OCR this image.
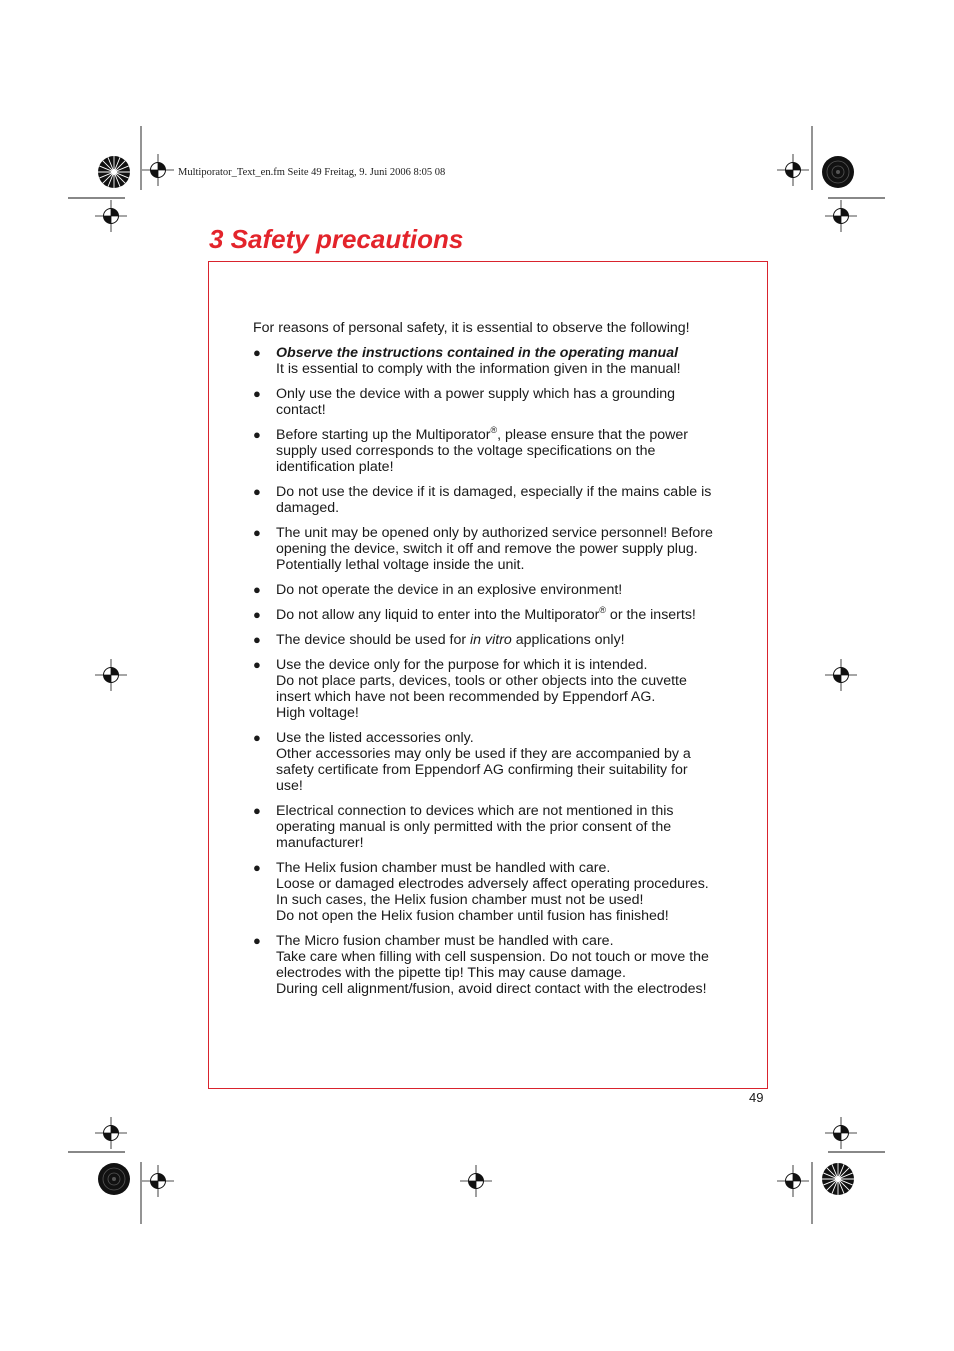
Multiporator_Text_en.fm Seite 49 Freitag, 9. Juni 2006 8:05 08
3 Safety precautions

For reasons of personal safety, it is essential to observe the following!

● Observe the instructions contained in the operating manual
It is essential to comply with the information given in the manual!
● Only use the device with a power supply which has a grounding
contact!
● Before starting up the Multiporator®, please ensure that the power
supply used corresponds to the voltage specifications on the
identification plate!
● Do not use the device if it is damaged, especially if the mains cable is
damaged.
● The unit may be opened only by authorized service personnel! Before
opening the device, switch it off and remove the power supply plug.
Potentially lethal voltage inside the unit.
● Do not operate the device in an explosive environment!
● Do not allow any liquid to enter into the Multiporator® or the inserts!
● The device should be used for in vitro applications only!
● Use the device only for the purpose for which it is intended.
Do not place parts, devices, tools or other objects into the cuvette
insert which have not been recommended by Eppendorf AG.
High voltage!
● Use the listed accessories only.
Other accessories may only be used if they are accompanied by a
safety certificate from Eppendorf AG confirming their suitability for
use!
● Electrical connection to devices which are not mentioned in this
operating manual is only permitted with the prior consent of the
manufacturer!
● The Helix fusion chamber must be handled with care.
Loose or damaged electrodes adversely affect operating procedures.
In such cases, the Helix fusion chamber must not be used!
Do not open the Helix fusion chamber until fusion has finished!
● The Micro fusion chamber must be handled with care.
Take care when filling with cell suspension. Do not touch or move the
electrodes with the pipette tip! This may cause damage.
During cell alignment/fusion, avoid direct contact with the electrodes!
49
